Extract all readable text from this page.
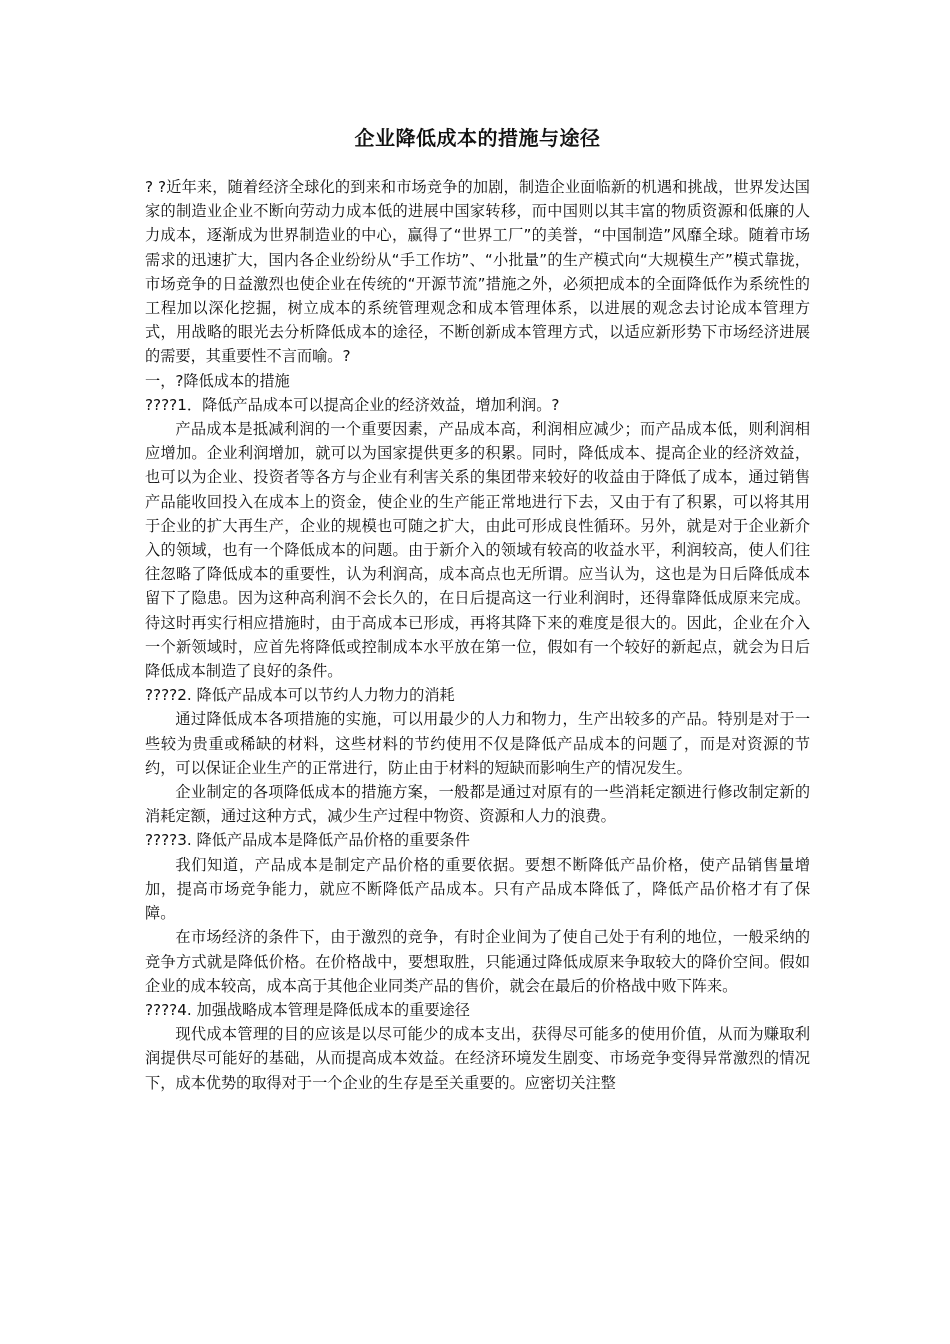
企业降低成本的措施与途径

? ?近年来，随着经济全球化的到来和市场竞争的加剧，制造企业面临新的机遇和挑战，世界发达国家的制造业企业不断向劳动力成本低的进展中国家转移，而中国则以其丰富的物质资源和低廉的人力成本，逐渐成为世界制造业的中心，赢得了“世界工厂”的美誉，“中国制造”风靡全球。随着市场需求的迅速扩大，国内各企业纷纷从“手工作坊”、“小批量”的生产模式向“大规模生产”模式靠拢，市场竞争的日益激烈也使企业在传统的“开源节流”措施之外，必须把成本的全面降低作为系统性的工程加以深化挖掘，树立成本的系统管理观念和成本管理体系，以进展的观念去讨论成本管理方式，用战略的眼光去分析降低成本的途径，不断创新成本管理方式，以适应新形势下市场经济进展的需要，其重要性不言而喻。?

一，?降低成本的措施

????1．降低产品成本可以提高企业的经济效益，增加利润。?

产品成本是抵减利润的一个重要因素，产品成本高，利润相应减少；而产品成本低，则利润相应增加。企业利润增加，就可以为国家提供更多的积累。同时，降低成本、提高企业的经济效益，也可以为企业、投资者等各方与企业有利害关系的集团带来较好的收益由于降低了成本，通过销售产品能收回投入在成本上的资金，使企业的生产能正常地进行下去，又由于有了积累，可以将其用于企业的扩大再生产，企业的规模也可随之扩大，由此可形成良性循环。另外，就是对于企业新介入的领域，也有一个降低成本的问题。由于新介入的领域有较高的收益水平，利润较高，使人们往往忽略了降低成本的重要性，认为利润高，成本高点也无所谓。应当认为，这也是为日后降低成本留下了隐患。因为这种高利润不会长久的，在日后提高这一行业利润时，还得靠降低成原来完成。待这时再实行相应措施时，由于高成本已形成，再将其降下来的难度是很大的。因此，企业在介入一个新领域时，应首先将降低或控制成本水平放在第一位，假如有一个较好的新起点，就会为日后降低成本制造了良好的条件。

????2. 降低产品成本可以节约人力物力的消耗

通过降低成本各项措施的实施，可以用最少的人力和物力，生产出较多的产品。特别是对于一些较为贵重或稀缺的材料，这些材料的节约使用不仅是降低产品成本的问题了，而是对资源的节约，可以保证企业生产的正常进行，防止由于材料的短缺而影响生产的情况发生。

企业制定的各项降低成本的措施方案，一般都是通过对原有的一些消耗定额进行修改制定新的消耗定额，通过这种方式，减少生产过程中物资、资源和人力的浪费。

????3. 降低产品成本是降低产品价格的重要条件

我们知道，产品成本是制定产品价格的重要依据。要想不断降低产品价格，使产品销售量增加，提高市场竞争能力，就应不断降低产品成本。只有产品成本降低了，降低产品价格才有了保障。

在市场经济的条件下，由于激烈的竞争，有时企业间为了使自己处于有利的地位，一般采纳的竞争方式就是降低价格。在价格战中，要想取胜，只能通过降低成原来争取较大的降价空间。假如企业的成本较高，成本高于其他企业同类产品的售价，就会在最后的价格战中败下阵来。

????4. 加强战略成本管理是降低成本的重要途径

现代成本管理的目的应该是以尽可能少的成本支出，获得尽可能多的使用价值，从而为赚取利润提供尽可能好的基础，从而提高成本效益。在经济环境发生剧变、市场竞争变得异常激烈的情况下，成本优势的取得对于一个企业的生存是至关重要的。应密切关注整
